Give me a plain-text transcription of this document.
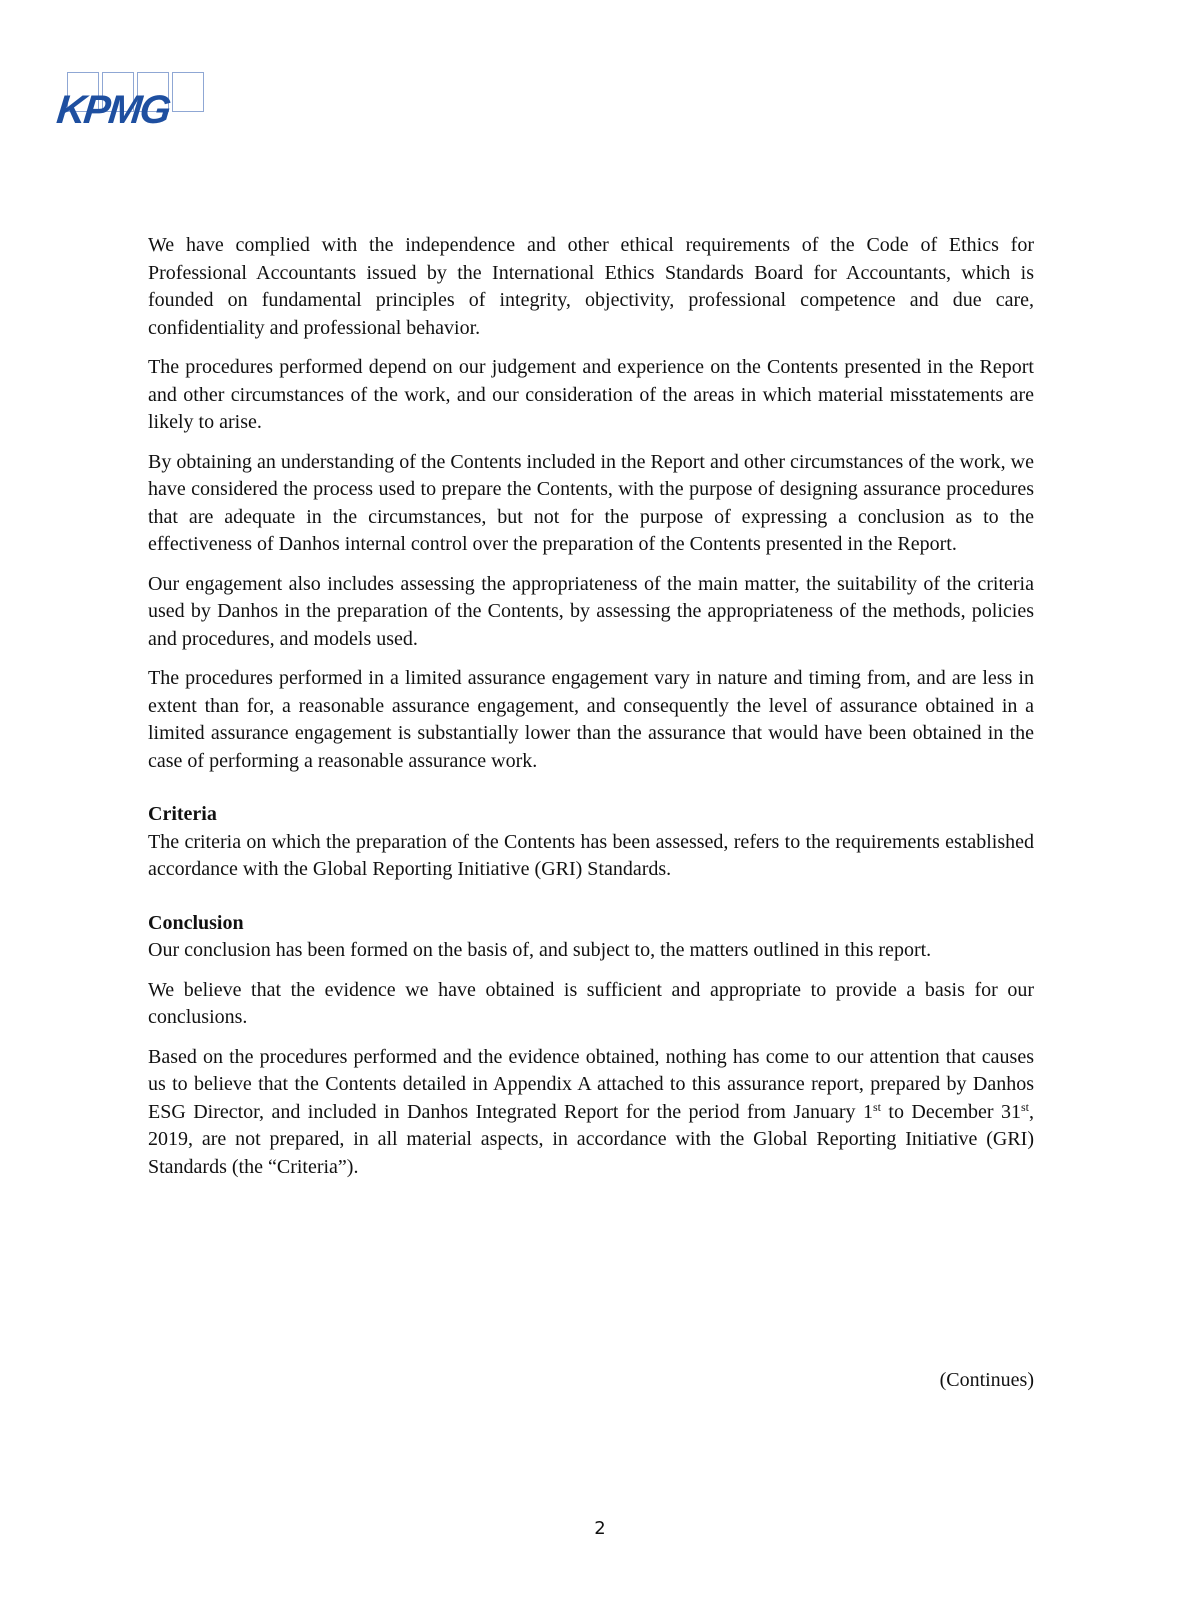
KPMG

We have complied with the independence and other ethical requirements of the Code of Ethics for Professional Accountants issued by the International Ethics Standards Board for Accountants, which is founded on fundamental principles of integrity, objectivity, professional competence and due care, confidentiality and professional behavior.

The procedures performed depend on our judgement and experience on the Contents presented in the Report and other circumstances of the work, and our consideration of the areas in which material misstatements are likely to arise.

By obtaining an understanding of the Contents included in the Report and other circumstances of the work, we have considered the process used to prepare the Contents, with the purpose of designing assurance procedures that are adequate in the circumstances, but not for the purpose of expressing a conclusion as to the effectiveness of Danhos internal control over the preparation of the Contents presented in the Report.

Our engagement also includes assessing the appropriateness of the main matter, the suitability of the criteria used by Danhos in the preparation of the Contents, by assessing the appropriateness of the methods, policies and procedures, and models used.

The procedures performed in a limited assurance engagement vary in nature and timing from, and are less in extent than for, a reasonable assurance engagement, and consequently the level of assurance obtained in a limited assurance engagement is substantially lower than the assurance that would have been obtained in the case of performing a reasonable assurance work.

Criteria

The criteria on which the preparation of the Contents has been assessed, refers to the requirements established accordance with the Global Reporting Initiative (GRI) Standards.

Conclusion

Our conclusion has been formed on the basis of, and subject to, the matters outlined in this report.

We believe that the evidence we have obtained is sufficient and appropriate to provide a basis for our conclusions.

Based on the procedures performed and the evidence obtained, nothing has come to our attention that causes us to believe that the Contents detailed in Appendix A attached to this assurance report, prepared by Danhos ESG Director, and included in Danhos Integrated Report for the period from January 1st to December 31st, 2019, are not prepared, in all material aspects, in accordance with the Global Reporting Initiative (GRI) Standards (the “Criteria”).

(Continues)
2
